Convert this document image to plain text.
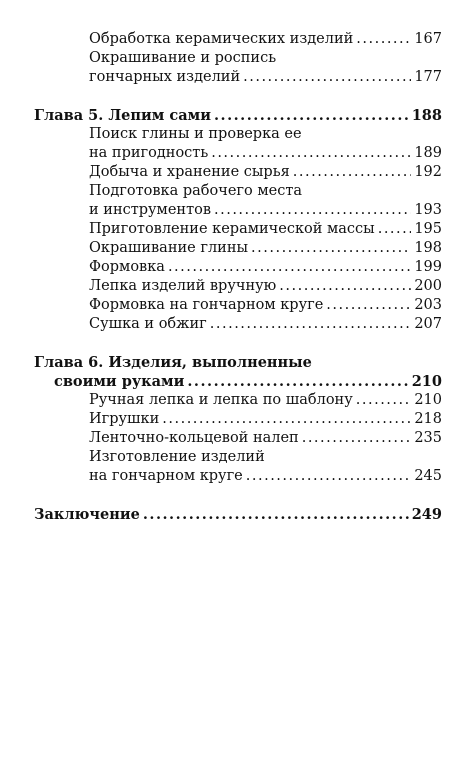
Обработка керамических изделий .....	167
Окрашивание и роспись
гончарных изделий .....	177
Глава 5. Лепим сами .....	188
Поиск глины и проверка ее
на пригодность .....	189
Добыча и хранение сырья .....	192
Подготовка рабочего места
и инструментов .....	193
Приготовление керамической массы .....	195
Окрашивание глины .....	198
Формовка .....	199
Лепка изделий вручную .....	200
Формовка на гончарном круге .....	203
Сушка и обжиг .....	207
Глава 6. Изделия, выполненные
своими руками .....	210
Ручная лепка и лепка по шаблону .....	210
Игрушки .....	218
Ленточно-кольцевой налеп .....	235
Изготовление изделий
на гончарном круге .....	245
Заключение .....	249
